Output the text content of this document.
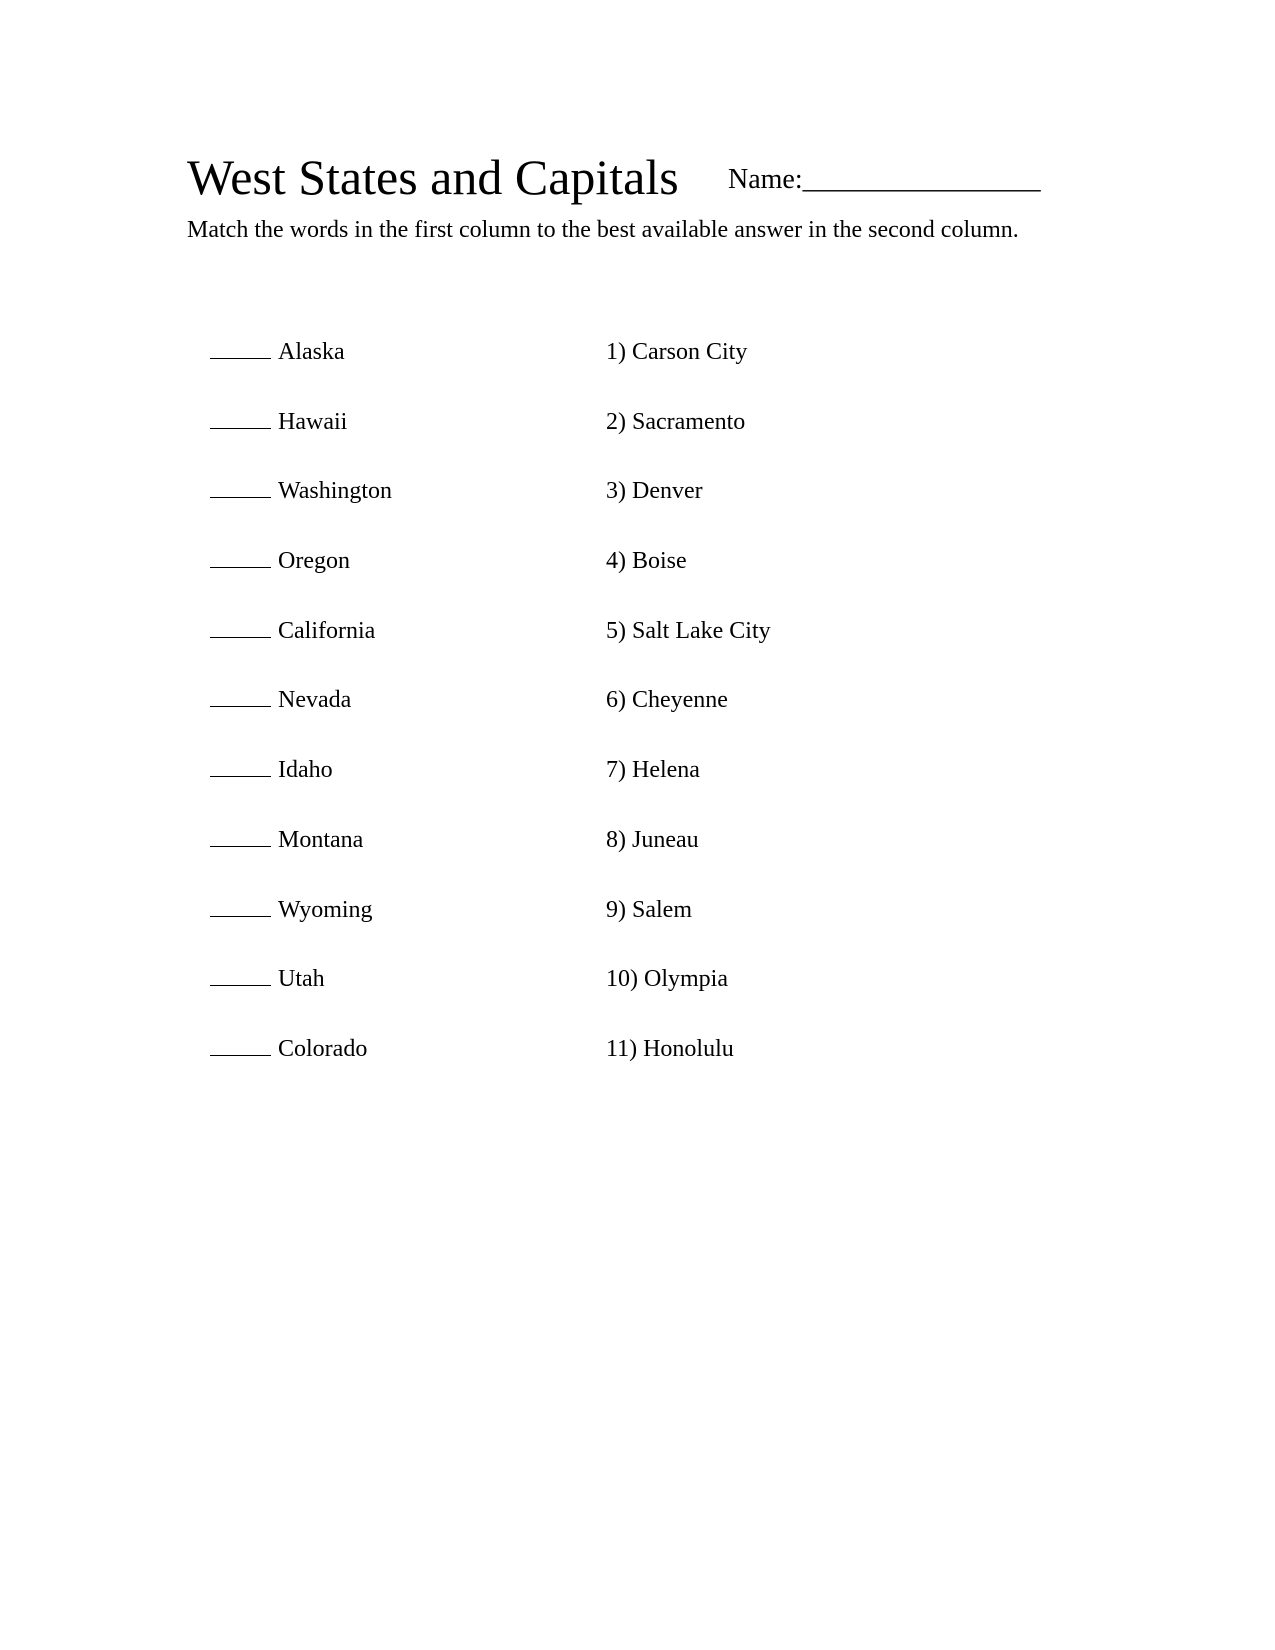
West States and Capitals Name:_________________
Match the words in the first column to the best available answer in the second column.
Alaska
Hawaii
Washington
Oregon
California
Nevada
Idaho
Montana
Wyoming
Utah
Colorado
1) Carson City
2) Sacramento
3) Denver
4) Boise
5) Salt Lake City
6) Cheyenne
7) Helena
8) Juneau
9) Salem
10) Olympia
11) Honolulu
